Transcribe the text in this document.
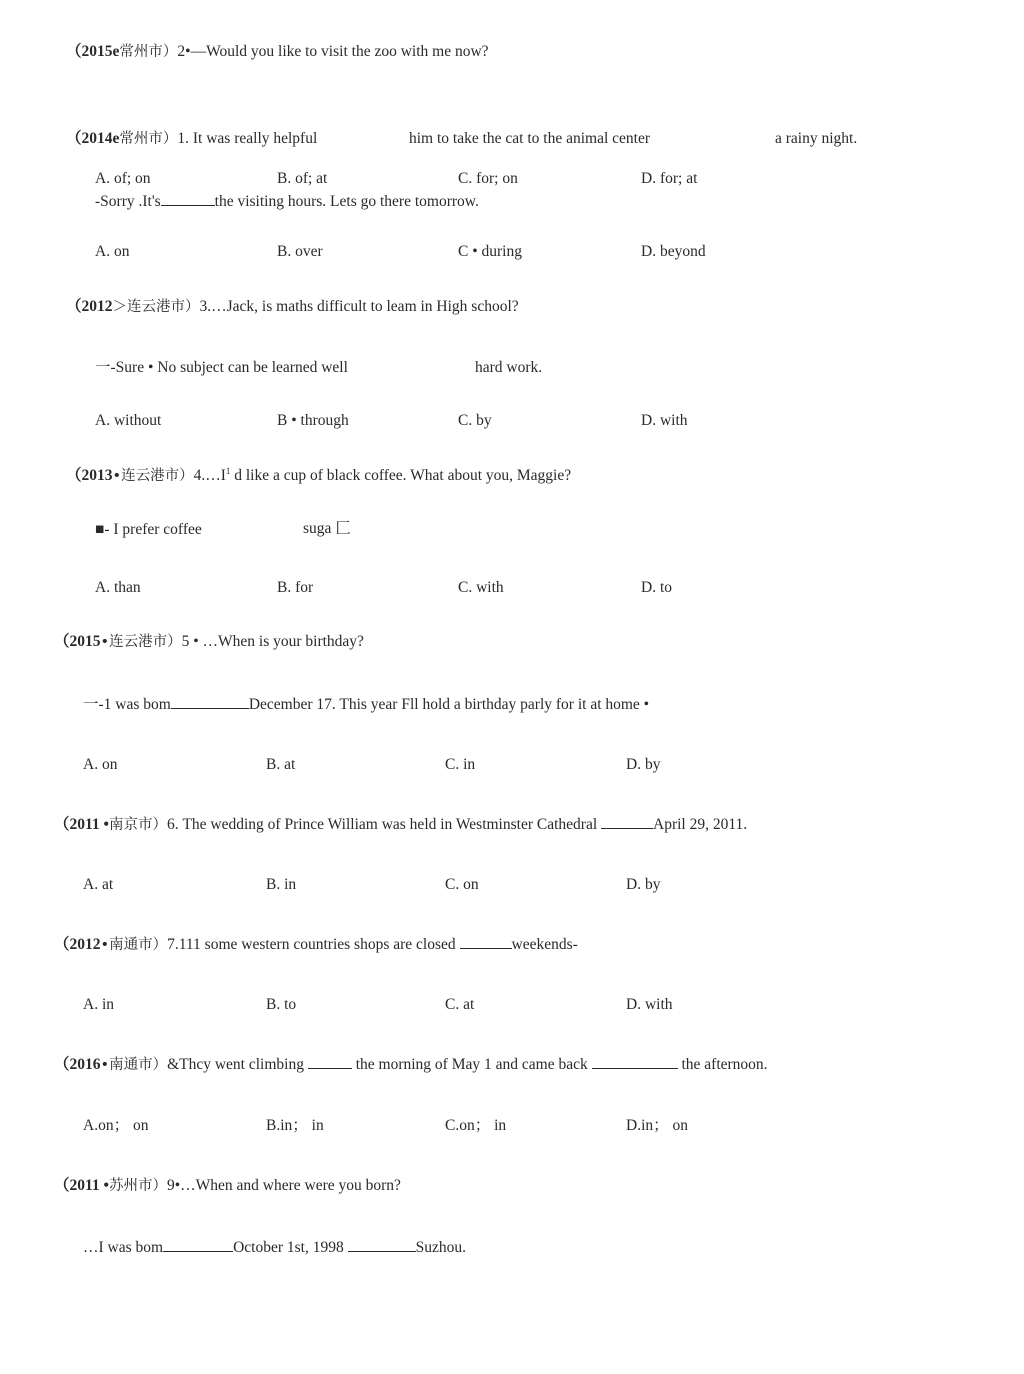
（2015e常州市）2•—Would you like to visit the zoo with me now?
（2014e常州市）1. It was really helpful	him to take the cat to the animal center	a rainy night.
A. of; on	B. of; at	C. for; on	D. for; at
-Sorry .It's	the visiting hours. Lets go there tomorrow.
A. on	B. over	C • during	D. beyond
（2012＞连云港市）3.…Jack, is maths difficult to leam in High school?
一-Sure • No subject can be learned well	hard work.
A. without	B • through	C. by	D. with
（2013•连云港市）$4.\dots I^1$ d like a cup of black coffee. What about you, Maggie?
■- I prefer coffee	suga 匚
A. than	B. for	C. with	D. to
（2015•连云港市）5 • …When is your birthday?
一-1 was bom	December 17. This year Fll hold a birthday parly for it at home •
A. on	B. at	C. in	D. by
（2011 •南京市）6. The wedding of Prince William was held in Westminster Cathedral	April 29, 2011.
A. at	B. in	C. on	D. by
（2012•南通市）7.111 some western countries shops are closed	weekends-
A. in	B. to	C. at	D. with
（2016•南通市）&Thcy went climbing	the morning of May 1 and came back	the afternoon.
A.on； on	B.in； in	C.on； in	D.in； on
（2011 •苏州市）9•…When and where were you born?
…I was bom	October 1st, 1998	Suzhou.
